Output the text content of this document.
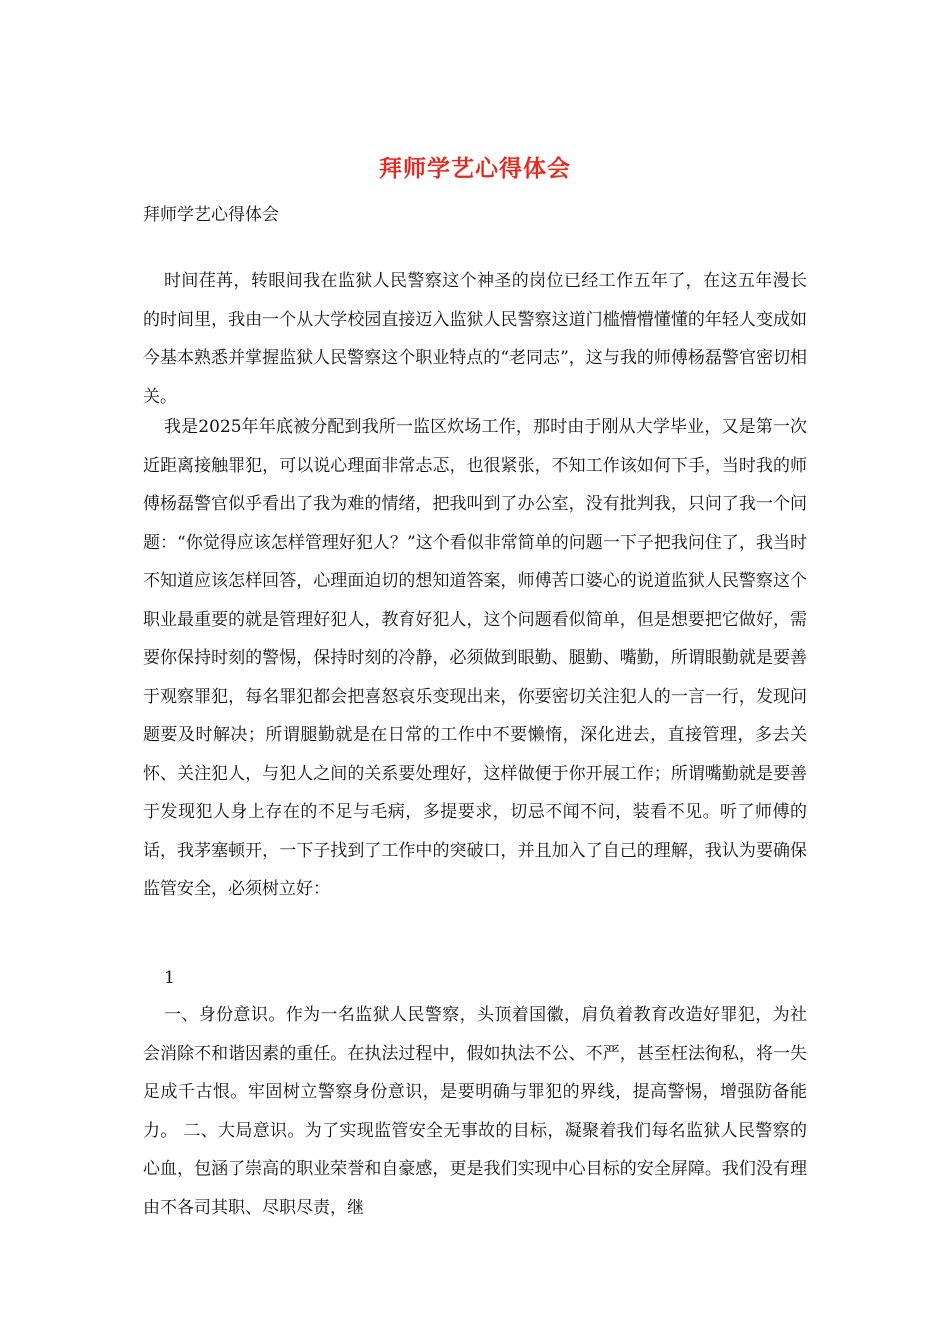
拜师学艺心得体会
拜师学艺心得体会

时间荏苒，转眼间我在监狱人民警察这个神圣的岗位已经工作五年了，在这五年漫长的时间里，我由一个从大学校园直接迈入监狱人民警察这道门槛懵懵懂懂的年轻人变成如今基本熟悉并掌握监狱人民警察这个职业特点的“老同志”，这与我的师傅杨磊警官密切相关。

我是2025年年底被分配到我所一监区炊场工作，那时由于刚从大学毕业，又是第一次近距离接触罪犯，可以说心理面非常忐忑，也很紧张，不知工作该如何下手，当时我的师傅杨磊警官似乎看出了我为难的情绪，把我叫到了办公室，没有批判我，只问了我一个问题：“你觉得应该怎样管理好犯人？”这个看似非常简单的问题一下子把我问住了，我当时不知道应该怎样回答，心理面迫切的想知道答案，师傅苦口婆心的说道监狱人民警察这个职业最重要的就是管理好犯人，教育好犯人，这个问题看似简单，但是想要把它做好，需要你保持时刻的警惕，保持时刻的冷静，必须做到眼勤、腿勤、嘴勤，所谓眼勤就是要善于观察罪犯，每名罪犯都会把喜怒哀乐变现出来，你要密切关注犯人的一言一行，发现问题要及时解决；所谓腿勤就是在日常的工作中不要懒惰，深化进去，直接管理，多去关怀、关注犯人，与犯人之间的关系要处理好，这样做便于你开展工作；所谓嘴勤就是要善于发现犯人身上存在的不足与毛病，多提要求，切忌不闻不问，装看不见。听了师傅的话，我茅塞顿开，一下子找到了工作中的突破口，并且加入了自己的理解，我认为要确保监管安全，必须树立好：

1

一、身份意识。作为一名监狱人民警察，头顶着国徽，肩负着教育改造好罪犯，为社会消除不和谐因素的重任。在执法过程中，假如执法不公、不严，甚至枉法徇私，将一失足成千古恨。牢固树立警察身份意识，是要明确与罪犯的界线，提高警惕，增强防备能力。 二、大局意识。为了实现监管安全无事故的目标，凝聚着我们每名监狱人民警察的心血，包涵了崇高的职业荣誉和自豪感，更是我们实现中心目标的安全屏障。我们没有理由不各司其职、尽职尽责，继
